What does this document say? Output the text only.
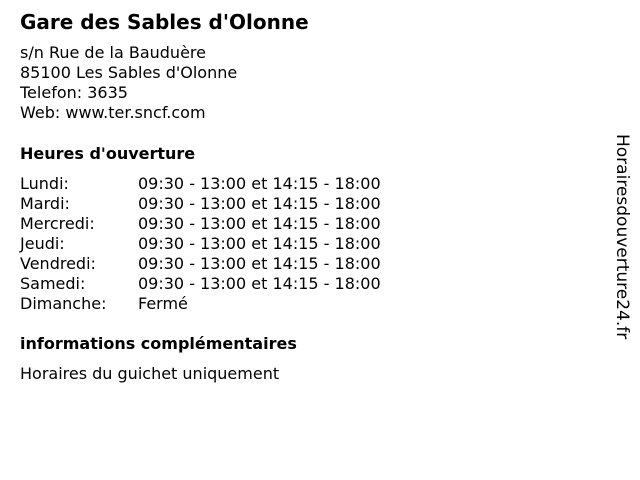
Gare des Sables d'Olonne
s/n Rue de la Bauduère
85100 Les Sables d'Olonne
Telefon: 3635
Web: www.ter.sncf.com
Heures d'ouverture
Lundi:	09:30 - 13:00 et 14:15 - 18:00
Mardi:	09:30 - 13:00 et 14:15 - 18:00
Mercredi:	09:30 - 13:00 et 14:15 - 18:00
Jeudi:	09:30 - 13:00 et 14:15 - 18:00
Vendredi:	09:30 - 13:00 et 14:15 - 18:00
Samedi:	09:30 - 13:00 et 14:15 - 18:00
Dimanche:	Fermé
informations complémentaires
Horaires du guichet uniquement
Horairesdouverture24.fr
